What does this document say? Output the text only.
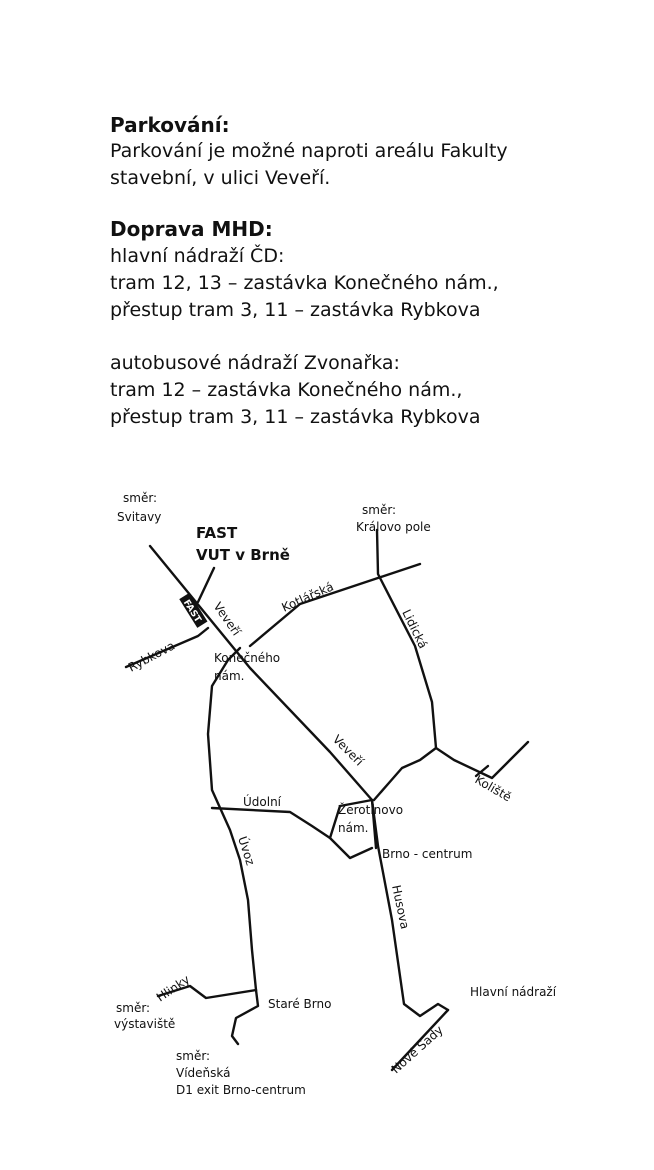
Parkování:
Parkování je možné naproti areálu Fakulty
stavební, v ulici Veveří.
Doprava MHD:
hlavní nádraží ČD:
tram 12, 13 – zastávka Konečného nám.,
přestup tram 3, 11 – zastávka Rybkova
autobusové nádraží Zvonařka:
tram 12 – zastávka Konečného nám.,
přestup tram 3, 11 – zastávka Rybkova
FAST
směr:
Svitavy
FAST
VUT v Brně
směr:
Královo pole
Veveří
Kotlářská
Rybkova
Lidická
Veveří
Koliště
Údolní
Úvoz
Husova
Hlinky
Nové Sady
Konečného
nám.
Žerotínovo
nám.
Brno - centrum
Staré Brno
Hlavní nádraží
směr:
výstaviště
směr:
Vídeňská
D1 exit Brno-centrum
